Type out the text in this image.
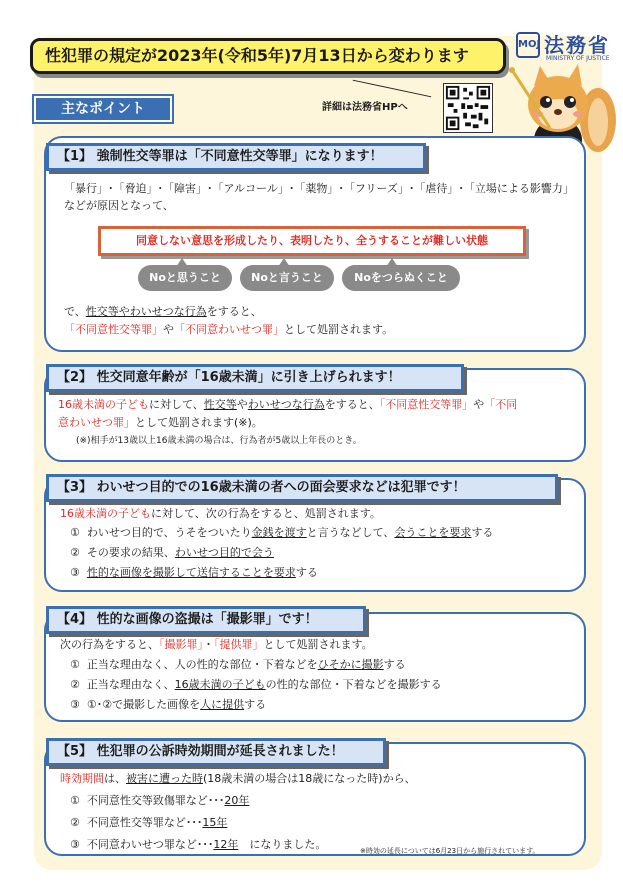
性犯罪の規定が2023年(令和5年)7月13日から変わります
MOJ 法務省
MINISTRY OF JUSTICE
主なポイント	詳細は法務省HPへ
【1】 強制性交等罪は「不同意性交等罪」になります！
「暴行」･「脅迫」･「障害」･「アルコール」･「薬物」･「フリーズ」･「虐待」･「立場による影響力」
などが原因となって、
同意しない意思を形成したり、表明したり、全うすることが難しい状態
Noと思うこと	Noと言うこと	Noをつらぬくこと
で、性交等やわいせつな行為をすると、
「不同意性交等罪」や「不同意わいせつ罪」として処罰されます。
【2】 性交同意年齢が「16歳未満」に引き上げられます！
16歳未満の子どもに対して、性交等やわいせつな行為をすると、「不同意性交等罪」や「不同
意わいせつ罪」として処罰されます(※)。
(※)相手が13歳以上16歳未満の場合は、行為者が5歳以上年長のとき。
【3】 わいせつ目的での16歳未満の者への面会要求などは犯罪です！
16歳未満の子どもに対して、次の行為をすると、処罰されます。
① わいせつ目的で、うそをついたり金銭を渡すと言うなどして、会うことを要求する
② その要求の結果、わいせつ目的で会う
③ 性的な画像を撮影して送信することを要求する
【4】 性的な画像の盗撮は「撮影罪」です！
次の行為をすると、「撮影罪」・「提供罪」として処罰されます。
① 正当な理由なく、人の性的な部位・下着などをひそかに撮影する
② 正当な理由なく、16歳未満の子どもの性的な部位・下着などを撮影する
③ ①･②で撮影した画像を人に提供する
【5】 性犯罪の公訴時効期間が延長されました！
時効期間は、被害に遭った時(18歳未満の場合は18歳になった時)から、
① 不同意性交等致傷罪など･･･20年
② 不同意性交等罪など･･･15年
③ 不同意わいせつ罪など･･･12年　になりました。	※時効の延長については6月23日から施行されています。
